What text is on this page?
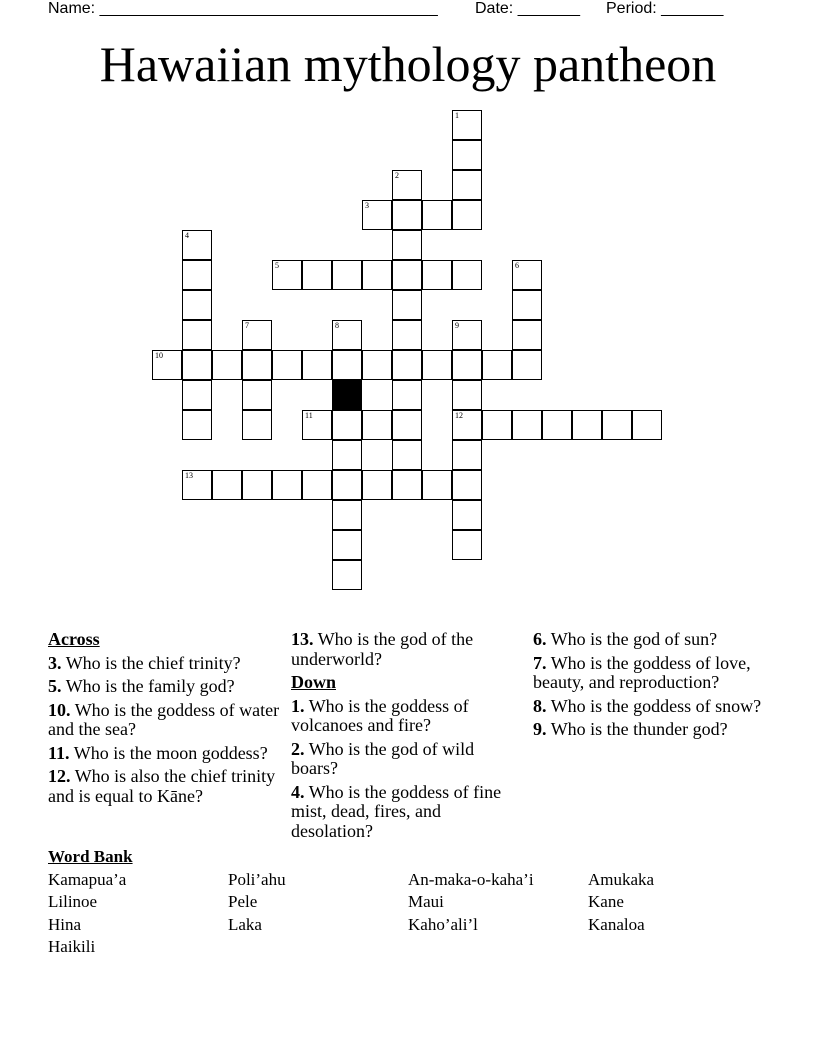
Name: ______________________________________ Date: _______ Period: _______
Hawaiian mythology pantheon
1
2
3
4
5	6
7	8	9
12
10
11
13
Across
3. Who is the chief trinity?
5. Who is the family god?
10. Who is the goddess of water and the sea?
11. Who is the moon goddess?
12. Who is also the chief trinity and is equal to Kāne?
13. Who is the god of the underworld?
Down
1. Who is the goddess of volcanoes and fire?
2. Who is the god of wild boars?
4. Who is the goddess of fine mist, dead, fires, and desolation?
6. Who is the god of sun?
7. Who is the goddess of love, beauty, and reproduction?
8. Who is the goddess of snow?
9. Who is the thunder god?
Word Bank
Kamapua’a	Poli’ahu	An-maka-o-kaha’i	Amukaka
Lilinoe	Pele	Maui	Kane
Hina	Laka	Kaho’ali’l	Kanaloa
Haikili
